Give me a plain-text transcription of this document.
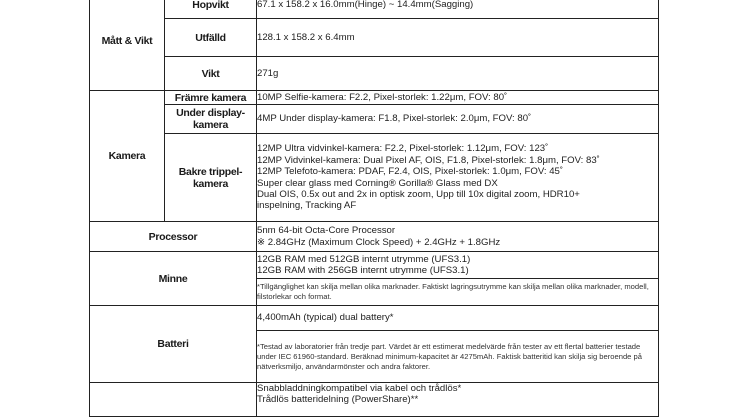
Mått & Vikt	Hopvikt	67.1 x 158.2 x 16.0mm(Hinge) ~ 14.4mm(Sagging)
	Utfälld	128.1 x 158.2 x 6.4mm
	Vikt	271g
Kamera	Främre kamera	10MP Selfie-kamera: F2.2, Pixel-storlek: 1.22μm, FOV: 80˚
	Under display-kamera	4MP Under display-kamera: F1.8, Pixel-storlek: 2.0μm, FOV: 80˚
	Bakre trippel-kamera	12MP Ultra vidvinkel-kamera: F2.2, Pixel-storlek: 1.12μm, FOV: 123˚
12MP Vidvinkel-kamera: Dual Pixel AF, OIS, F1.8, Pixel-storlek: 1.8μm, FOV: 83˚
12MP Telefoto-kamera: PDAF, F2.4, OIS, Pixel-storlek: 1.0μm, FOV: 45˚
Super clear glass med Corning® Gorilla® Glass med DX
Dual OIS, 0.5x out and 2x in optisk zoom, Upp till 10x digital zoom, HDR10+ inspelning, Tracking AF

Processor		5nm 64-bit Octa-Core Processor
※ 2.84GHz (Maximum Clock Speed) + 2.4GHz + 1.8GHz

Minne		12GB RAM med 512GB internt utrymme (UFS3.1)
12GB RAM with 256GB internt utrymme (UFS3.1)

		*Tillgänglighet kan skilja mellan olika marknader. Faktiskt lagringsutrymme kan skilja mellan olika marknader, modell, filstorlekar och format.
Batteri		4,400mAh (typical) dual battery*
		*Testad av laboratorier från tredje part. Värdet är ett estimerat medelvärde från tester av ett flertal batterier testade under IEC 61960-standard. Beräknad minimum-kapacitet är 4275mAh. Faktisk batteritid kan skilja sig beroende på nätverksmiljo, användarmönster och andra faktorer.

		Snabbladdningkompatibel via kabel och trådlös*
Trådlös batteridelning (PowerShare)**
